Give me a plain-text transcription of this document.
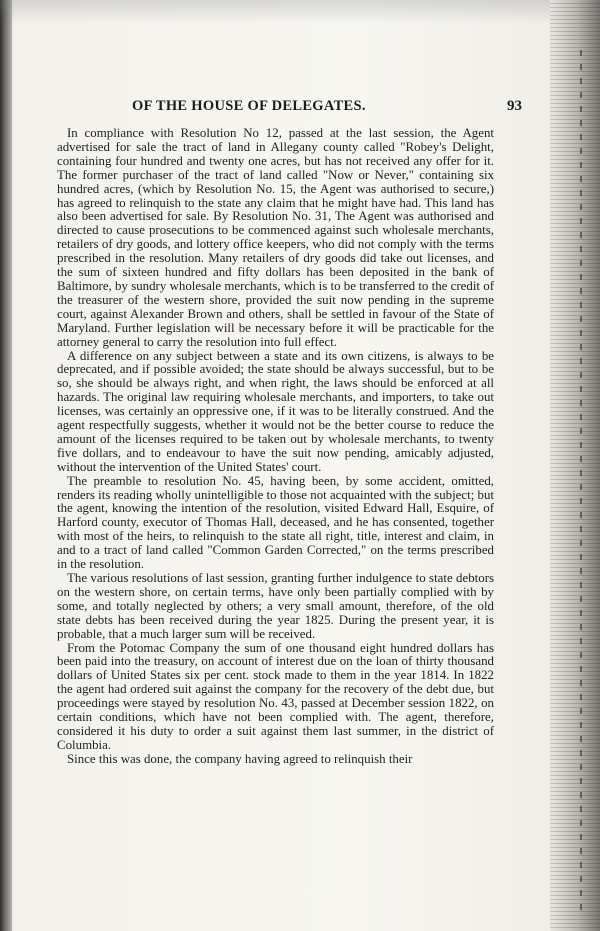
OF THE HOUSE OF DELEGATES.	93

In compliance with Resolution No 12, passed at the last session, the Agent advertised for sale the tract of land in Allegany county called "Robey's Delight, containing four hundred and twenty one acres, but has not received any offer for it. The former purchaser of the tract of land called "Now or Never," containing six hundred acres, (which by Resolution No. 15, the Agent was authorised to secure,) has agreed to relinquish to the state any claim that he might have had. This land has also been advertised for sale. By Resolution No. 31, The Agent was authorised and directed to cause prosecutions to be commenced against such wholesale merchants, retailers of dry goods, and lottery office keepers, who did not comply with the terms prescribed in the resolution. Many retailers of dry goods did take out licenses, and the sum of sixteen hundred and fifty dollars has been deposited in the bank of Baltimore, by sundry wholesale merchants, which is to be transferred to the credit of the treasurer of the western shore, provided the suit now pending in the supreme court, against Alexander Brown and others, shall be settled in favour of the State of Maryland. Further legislation will be necessary before it will be practicable for the attorney general to carry the resolution into full effect.

A difference on any subject between a state and its own citizens, is always to be deprecated, and if possible avoided; the state should be always successful, but to be so, she should be always right, and when right, the laws should be enforced at all hazards. The original law requiring wholesale merchants, and importers, to take out licenses, was certainly an oppressive one, if it was to be literally construed. And the agent respectfully suggests, whether it would not be the better course to reduce the amount of the licenses required to be taken out by wholesale merchants, to twenty five dollars, and to endeavour to have the suit now pending, amicably adjusted, without the intervention of the United States' court.

The preamble to resolution No. 45, having been, by some accident, omitted, renders its reading wholly unintelligible to those not acquainted with the subject; but the agent, knowing the intention of the resolution, visited Edward Hall, Esquire, of Harford county, executor of Thomas Hall, deceased, and he has consented, together with most of the heirs, to relinquish to the state all right, title, interest and claim, in and to a tract of land called "Common Garden Corrected," on the terms prescribed in the resolution.

The various resolutions of last session, granting further indulgence to state debtors on the western shore, on certain terms, have only been partially complied with by some, and totally neglected by others; a very small amount, therefore, of the old state debts has been received during the year 1825. During the present year, it is probable, that a much larger sum will be received.

From the Potomac Company the sum of one thousand eight hundred dollars has been paid into the treasury, on account of interest due on the loan of thirty thousand dollars of United States six per cent. stock made to them in the year 1814. In 1822 the agent had ordered suit against the company for the recovery of the debt due, but proceedings were stayed by resolution No. 43, passed at December session 1822, on certain conditions, which have not been complied with. The agent, therefore, considered it his duty to order a suit against them last summer, in the district of Columbia.

Since this was done, the company having agreed to relinquish their
